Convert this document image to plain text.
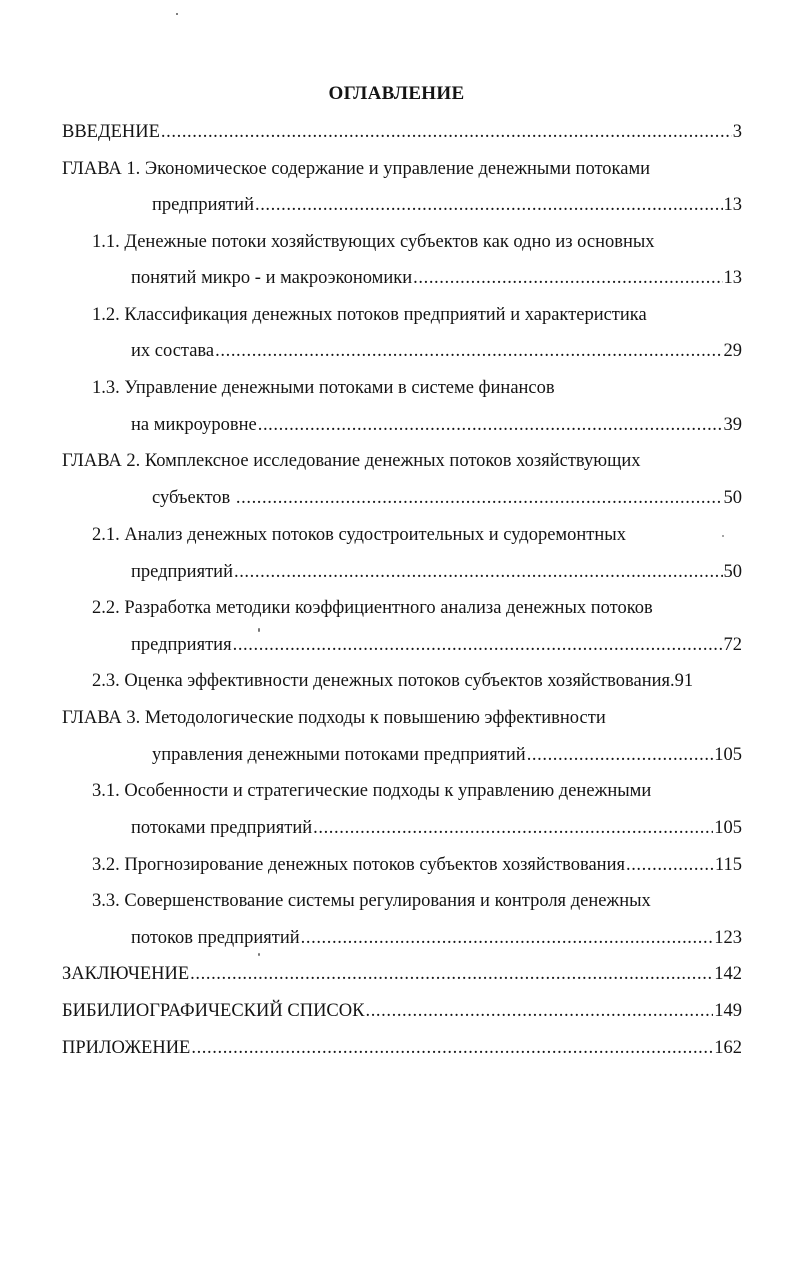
ОГЛАВЛЕНИЕ
ВВЕДЕНИЕ .....	3
ГЛАВА 1. Экономическое содержание и управление денежными потоками
предприятий .....	13
1.1. Денежные потоки хозяйствующих субъектов как одно из основных
понятий микро - и макроэкономики .....	13
1.2. Классификация денежных потоков предприятий и характеристика
их состава .....	29
1.3. Управление денежными потоками в системе финансов
на микроуровне .....	39
ГЛАВА 2. Комплексное исследование денежных потоков хозяйствующих
субъектов .....	50
2.1. Анализ денежных потоков судостроительных и судоремонтных
предприятий .....	50
2.2. Разработка методики коэффициентного анализа денежных потоков
предприятия .....	72
2.3. Оценка эффективности денежных потоков субъектов хозяйствования.91
ГЛАВА 3. Методологические подходы к повышению эффективности
управления денежными потоками предприятий .....	105
3.1. Особенности и стратегические подходы к управлению денежными
потоками предприятий .....	105
3.2. Прогнозирование денежных потоков субъектов хозяйствования .....	115
3.3. Совершенствование системы регулирования и контроля денежных
потоков предприятий .....	123
ЗАКЛЮЧЕНИЕ .....	142
БИБИЛИОГРАФИЧЕСКИЙ СПИСОК .....	149
ПРИЛОЖЕНИЕ .....	162
